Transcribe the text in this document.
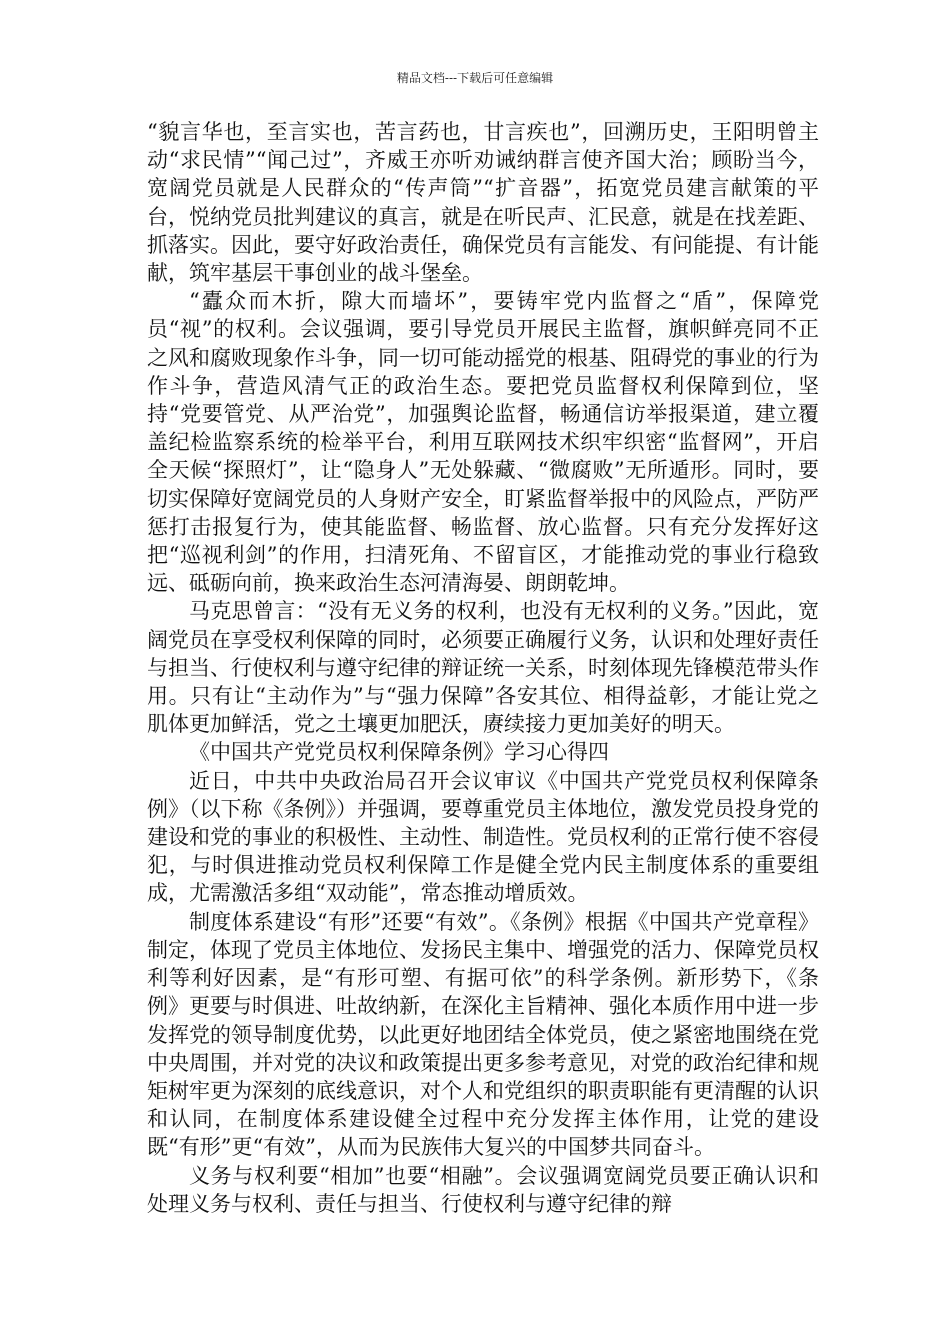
精品文档---下载后可任意编辑

“貌言华也，至言实也，苦言药也，甘言疾也”，回溯历史，王阳明曾主动“求民情”“闻己过”，齐威王亦听劝诫纳群言使齐国大治；顾盼当今，宽阔党员就是人民群众的“传声筒”“扩音器”，拓宽党员建言献策的平台，悦纳党员批判建议的真言，就是在听民声、汇民意，就是在找差距、抓落实。因此，要守好政治责任，确保党员有言能发、有问能提、有计能献，筑牢基层干事创业的战斗堡垒。

“蠹众而木折，隙大而墙坏”，要铸牢党内监督之“盾”，保障党员“视”的权利。会议强调，要引导党员开展民主监督，旗帜鲜亮同不正之风和腐败现象作斗争，同一切可能动摇党的根基、阻碍党的事业的行为作斗争，营造风清气正的政治生态。要把党员监督权利保障到位，坚持“党要管党、从严治党”，加强舆论监督，畅通信访举报渠道，建立覆盖纪检监察系统的检举平台，利用互联网技术织牢织密“监督网”，开启全天候“探照灯”，让“隐身人”无处躲藏、“微腐败”无所遁形。同时，要切实保障好宽阔党员的人身财产安全，盯紧监督举报中的风险点，严防严惩打击报复行为，使其能监督、畅监督、放心监督。只有充分发挥好这把“巡视利剑”的作用，扫清死角、不留盲区，才能推动党的事业行稳致远、砥砺向前，换来政治生态河清海晏、朗朗乾坤。

马克思曾言：“没有无义务的权利，也没有无权利的义务。”因此，宽阔党员在享受权利保障的同时，必须要正确履行义务，认识和处理好责任与担当、行使权利与遵守纪律的辩证统一关系，时刻体现先锋模范带头作用。只有让“主动作为”与“强力保障”各安其位、相得益彰，才能让党之肌体更加鲜活，党之土壤更加肥沃，赓续接力更加美好的明天。

《中国共产党党员权利保障条例》学习心得四

近日，中共中央政治局召开会议审议《中国共产党党员权利保障条例》（以下称《条例》）并强调，要尊重党员主体地位，激发党员投身党的建设和党的事业的积极性、主动性、制造性。党员权利的正常行使不容侵犯，与时俱进推动党员权利保障工作是健全党内民主制度体系的重要组成，尤需激活多组“双动能”，常态推动增质效。

制度体系建设“有形”还要“有效”。《条例》根据《中国共产党章程》制定，体现了党员主体地位、发扬民主集中、增强党的活力、保障党员权利等利好因素，是“有形可塑、有据可依”的科学条例。新形势下，《条例》更要与时俱进、吐故纳新，在深化主旨精神、强化本质作用中进一步发挥党的领导制度优势，以此更好地团结全体党员，使之紧密地围绕在党中央周围，并对党的决议和政策提出更多参考意见，对党的政治纪律和规矩树牢更为深刻的底线意识，对个人和党组织的职责职能有更清醒的认识和认同，在制度体系建设健全过程中充分发挥主体作用，让党的建设既“有形”更“有效”，从而为民族伟大复兴的中国梦共同奋斗。

义务与权利要“相加”也要“相融”。会议强调宽阔党员要正确认识和处理义务与权利、责任与担当、行使权利与遵守纪律的辩
